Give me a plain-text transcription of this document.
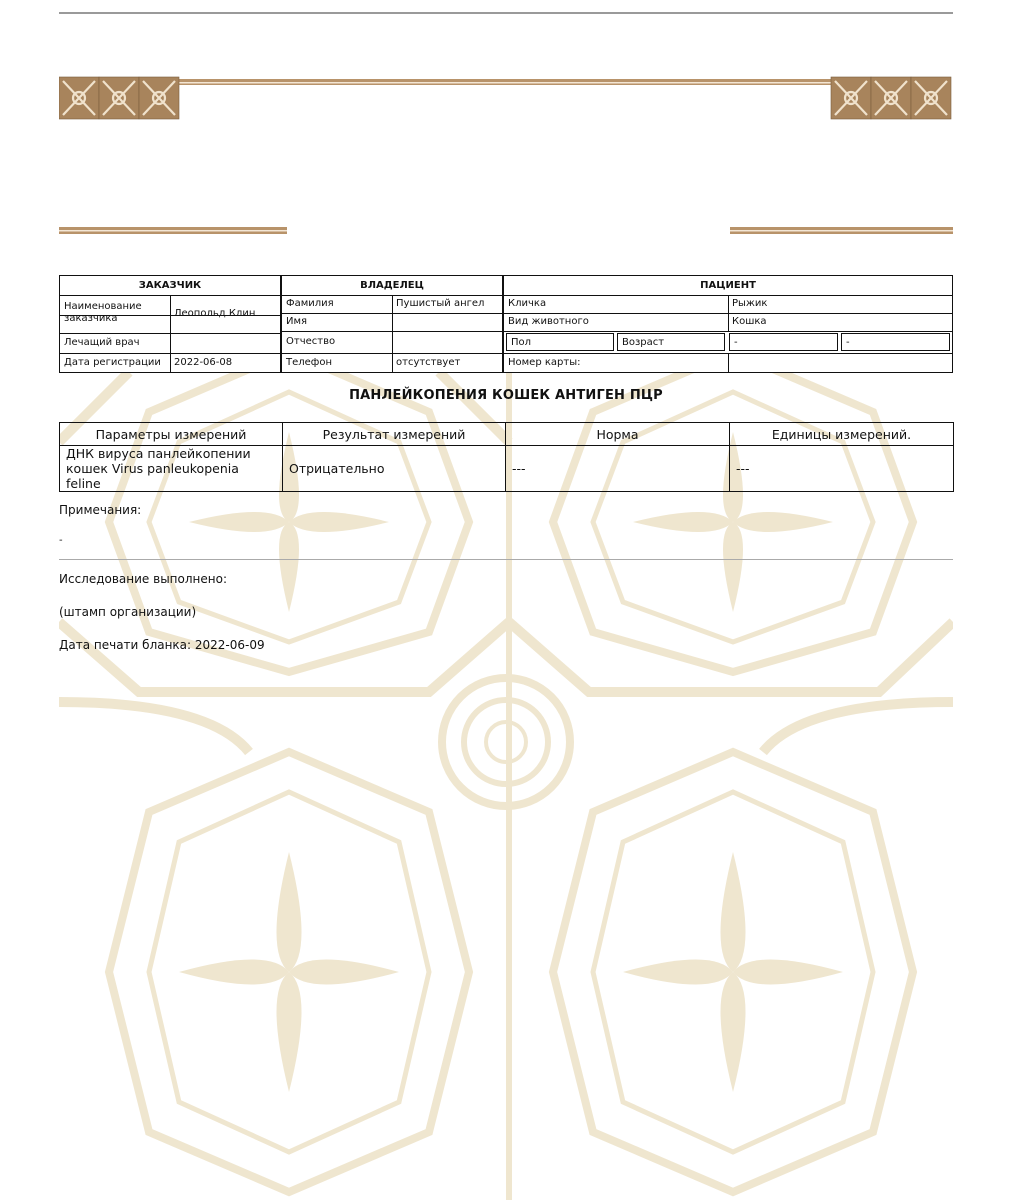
ЗАКАЗЧИК
Наименование заказчика	Леопольд Клин
Лечащий врач
Дата регистрации	2022-06-08
ВЛАДЕЛЕЦ
Фамилия	Пушистый ангел
Имя
Отчество
Телефон	отсутствует
ПАЦИЕНТ
Кличка	Рыжик
Вид животного	Кошка
Пол	Возраст	-	-
Номер карты:
ПАНЛЕЙКОПЕНИЯ КОШЕК АНТИГЕН ПЦР
Параметры измерений	Результат измерений	Норма	Единицы измерений.
ДНК вируса панлейкопении кошек Virus panleukopenia feline	Отрицательно	---	---
Примечания:
-
Исследование выполнено:
(штамп организации)
Дата печати бланка: 2022-06-09
